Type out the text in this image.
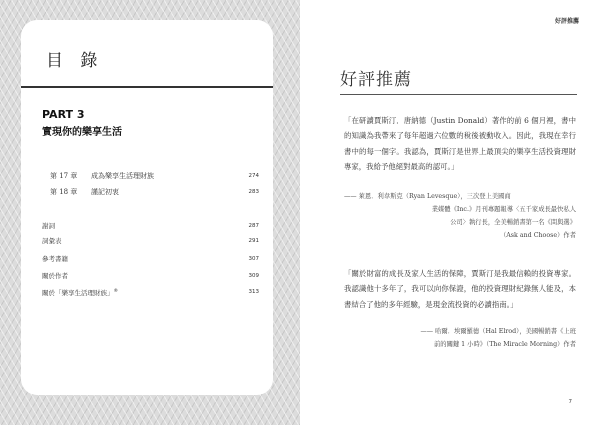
目 錄
PART 3
實現你的樂享生活
第 17 章 成為樂享生活理財族	274
第 18 章 謹記初衷	283
謝詞	287
詞彙表	291
參考書籍	307
關於作者	309
關於「樂享生活理財族」®	313
好評推薦
好評推薦

「在研讀賈斯汀．唐納德（Justin Donald）著作的前 6 個月裡，書中的知識為我帶來了每年超過六位數的稅後被動收入。因此，我現在幸行書中的每一個字。我認為，賈斯汀是世界上最頂尖的樂享生活投資理財專家，我給予他絕對最高的認可。」

—— 萊恩．利韋斯克（Ryan Levesque），三次登上美國商
業媒體《Inc.》月刊專題報導〈五千家成長最快私人
公司〉執行長，全美暢銷書第一名《問與選》
（Ask and Choose）作者

「關於財富的成長及家人生活的保障，賈斯汀是我最信賴的投資專家。我認識他十多年了，我可以向你保證，他的投資理財紀錄無人能及，本書結合了他的多年經驗，是現金流投資的必讀指南。」

—— 哈爾．埃爾羅德（Hal Elrod），美國暢銷書《上班
前的關鍵 1 小時》（The Miracle Morning）作者
7
